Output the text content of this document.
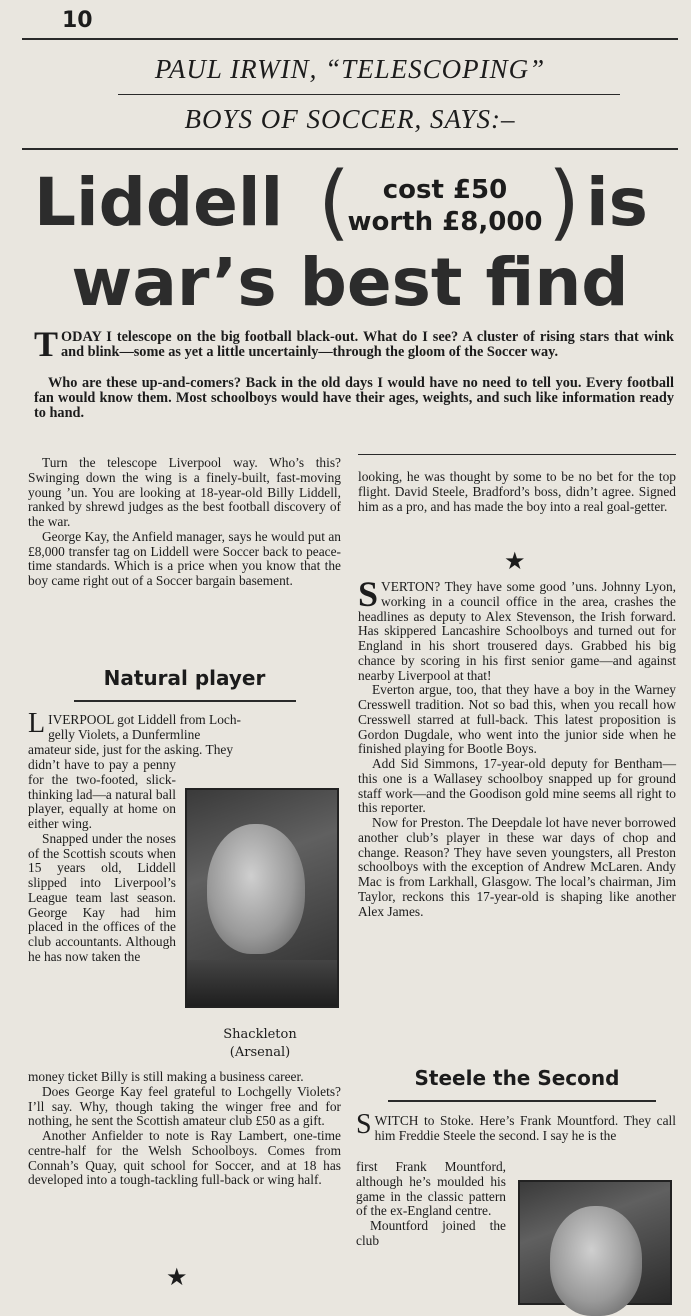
10
PAUL IRWIN, “TELESCOPING”
BOYS OF SOCCER, SAYS:–
Liddell (	cost £50
worth £8,000 ) is
war’s best find
T ODAY I telescope on the big football black-out. What do I see? A cluster of rising stars that wink and blink—some as yet a little uncertainly—through the gloom of the Soccer way.
Who are these up-and-comers? Back in the old days I would have no need to tell you. Every football fan would know them. Most schoolboys would have their ages, weights, and such like information ready to hand.

Turn the telescope Liverpool way. Who’s this? Swinging down the wing is a finely-built, fast-moving young ’un. You are looking at 18-year-old Billy Liddell, ranked by shrewd judges as the best football discovery of the war.

George Kay, the Anfield manager, says he would put an £8,000 transfer tag on Liddell were Soccer back to peace-time standards. Which is a price when you know that the boy came right out of a Soccer bargain basement.

Natural player
L IVERPOOL got Liddell from Loch-
gelly Violets, a Dunfermline
amateur side, just for the asking. They

didn’t have to pay a penny for the two-footed, slick-thinking lad—a natural ball player, equally at home on either wing.

Snapped under the noses of the Scottish scouts when 15 years old, Liddell slipped into Liverpool’s League team last season. George Kay had him placed in the offices of the club accountants. Although he has now taken the

Shackleton
(Arsenal)

money ticket Billy is still making a business career.

Does George Kay feel grateful to Lochgelly Violets? I’ll say. Why, though taking the winger free and for nothing, he sent the Scottish amateur club £50 as a gift.

Another Anfielder to note is Ray Lambert, one-time centre-half for the Welsh Schoolboys. Comes from Connah’s Quay, quit school for Soccer, and at 18 has developed into a tough-tackling full-back or wing half.

★

looking, he was thought by some to be no bet for the top flight. David Steele, Bradford’s boss, didn’t agree. Signed him as a pro, and has made the boy into a real goal-getter.

★

SVERTON? They have some good ’uns. Johnny Lyon, working in a council office in the area, crashes the headlines as deputy to Alex Stevenson, the Irish forward. Has skippered Lancashire Schoolboys and turned out for England in his short trousered days. Grabbed his big chance by scoring in his first senior game—and against nearby Liverpool at that!

Everton argue, too, that they have a boy in the Warney Cresswell tradition. Not so bad this, when you recall how Cresswell starred at full-back. This latest proposition is Gordon Dugdale, who went into the junior side when he finished playing for Bootle Boys.

Add Sid Simmons, 17-year-old deputy for Bentham—this one is a Wallasey schoolboy snapped up for ground staff work—and the Goodison gold mine seems all right to this reporter.

Now for Preston. The Deepdale lot have never borrowed another club’s player in these war days of chop and change. Reason? They have seven youngsters, all Preston schoolboys with the exception of Andrew McLaren. Andy Mac is from Larkhall, Glasgow. The local’s chairman, Jim Taylor, reckons this 17-year-old is shaping like another Alex James.

Steele the Second

SWITCH to Stoke. Here’s Frank Mountford. They call him Freddie Steele the second. I say he is the

first Frank Mountford, although he’s moulded his game in the classic pattern of the ex-England centre.

Mountford joined the club
